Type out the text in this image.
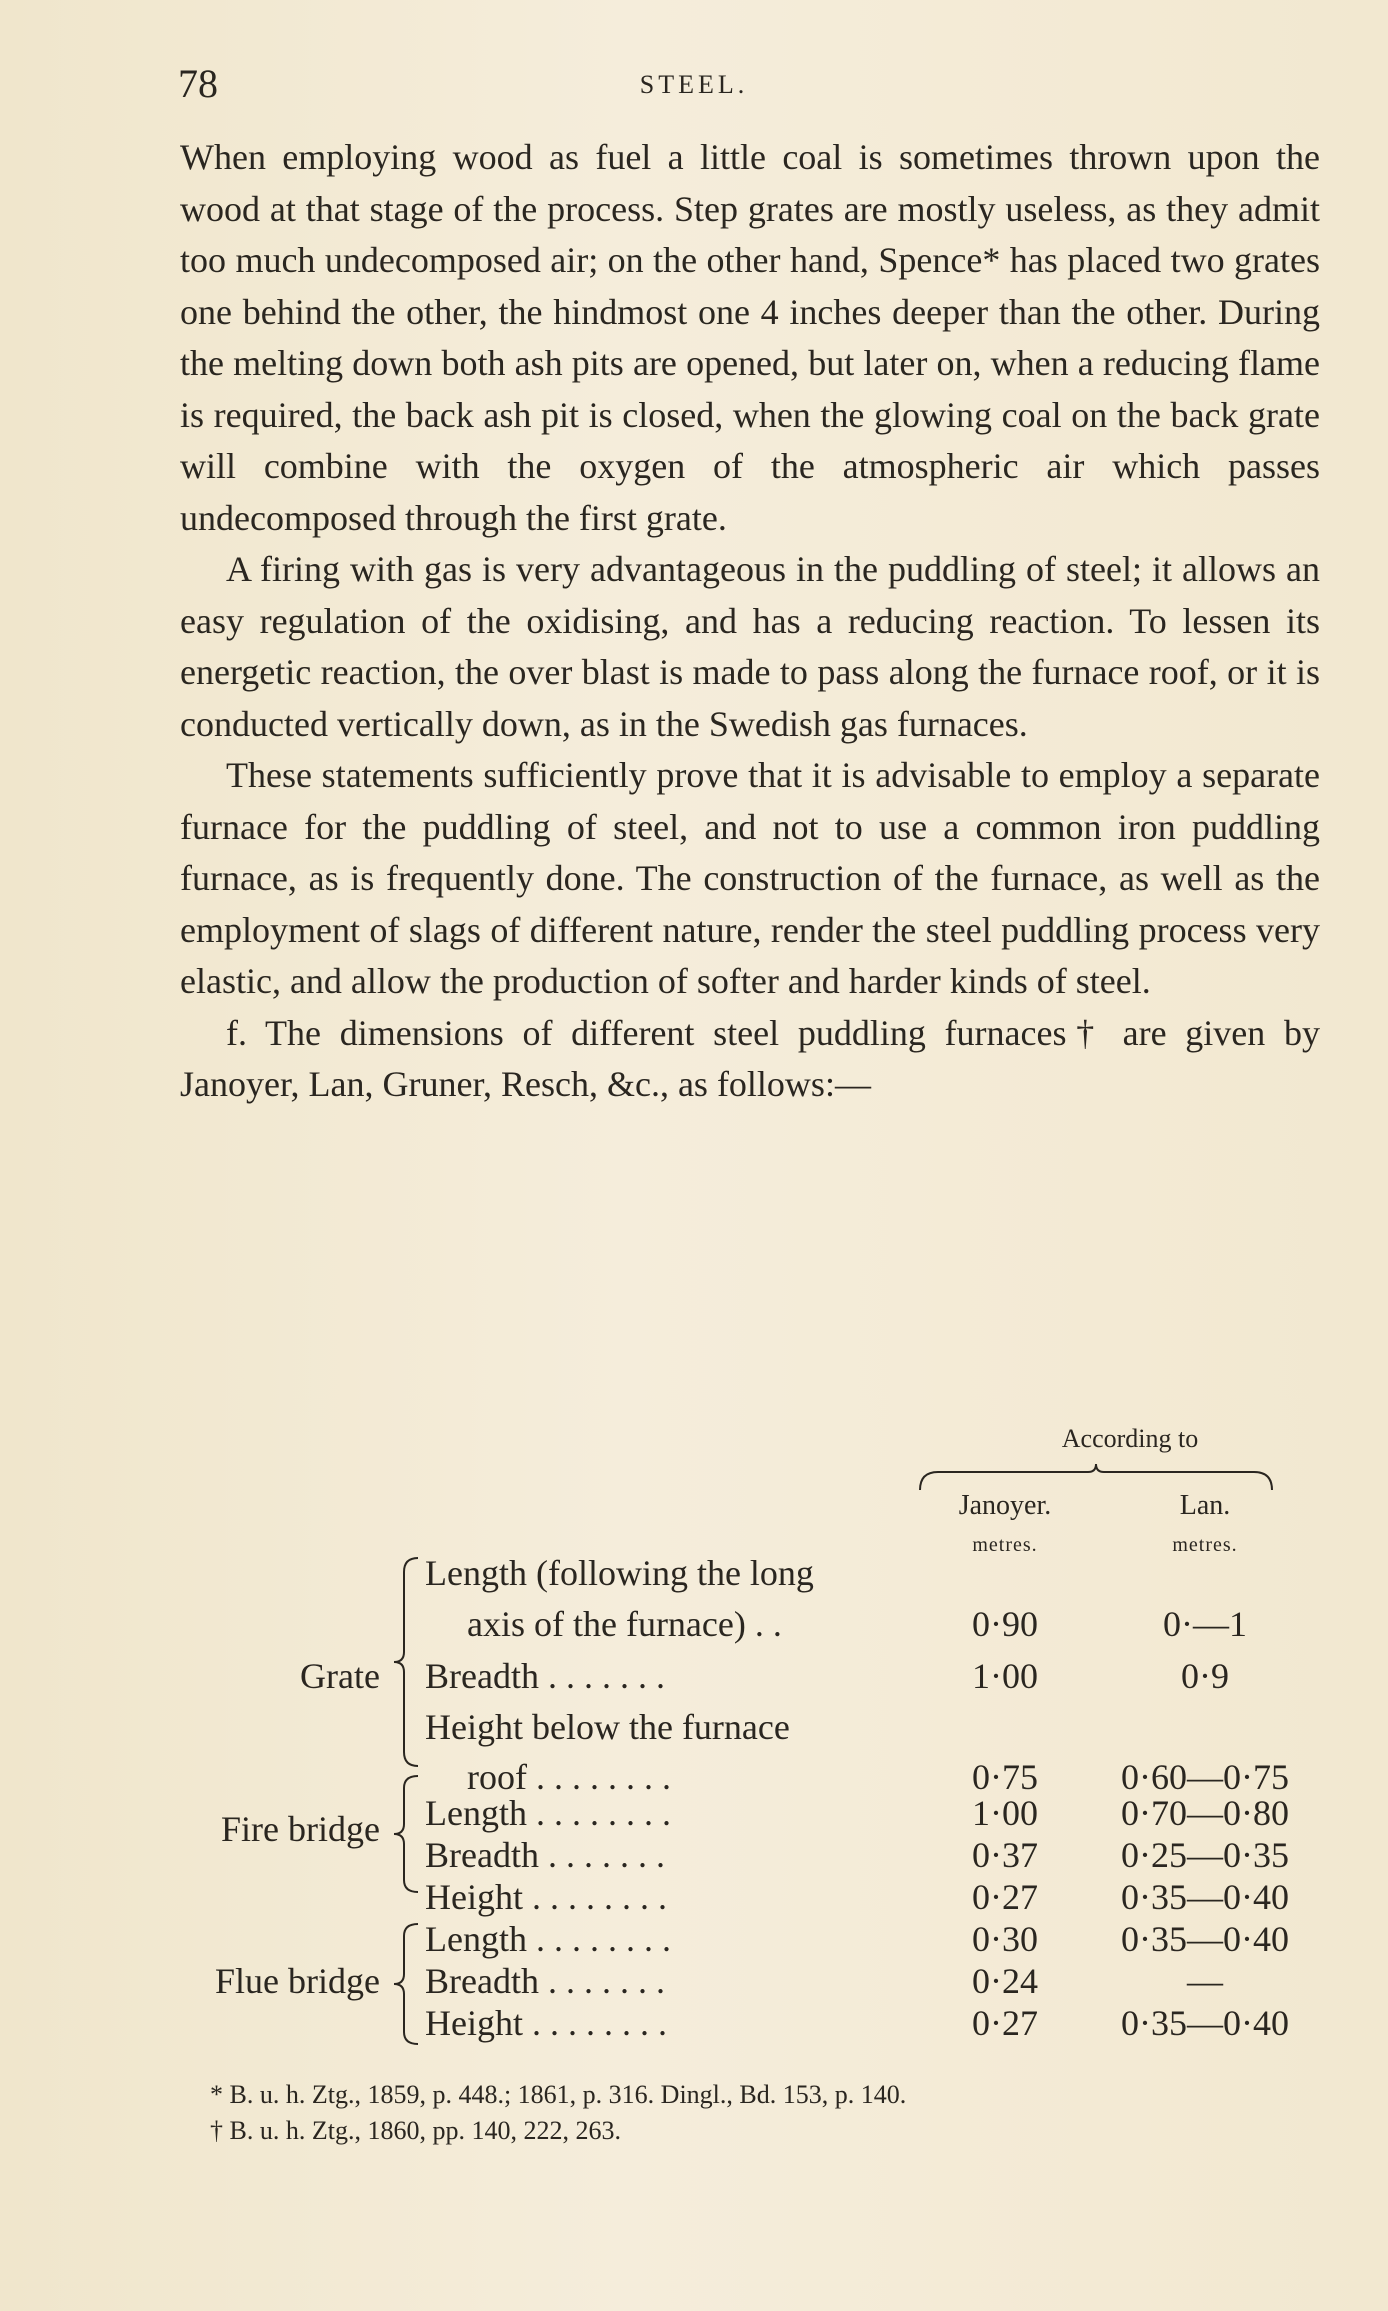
78	STEEL.

When employing wood as fuel a little coal is sometimes thrown upon the wood at that stage of the process. Step grates are mostly useless, as they admit too much undecomposed air; on the other hand, Spence* has placed two grates one behind the other, the hindmost one 4 inches deeper than the other. During the melting down both ash pits are opened, but later on, when a reducing flame is required, the back ash pit is closed, when the glowing coal on the back grate will combine with the oxygen of the atmospheric air which passes undecomposed through the first grate.

A firing with gas is very advantageous in the puddling of steel; it allows an easy regulation of the oxidising, and has a reducing reaction. To lessen its energetic reaction, the over blast is made to pass along the furnace roof, or it is conducted vertically down, as in the Swedish gas furnaces.

These statements sufficiently prove that it is advisable to employ a separate furnace for the puddling of steel, and not to use a common iron puddling furnace, as is frequently done. The construction of the furnace, as well as the employment of slags of different nature, render the steel puddling process very elastic, and allow the production of softer and harder kinds of steel.

f. The dimensions of different steel puddling furnaces† are given by Janoyer, Lan, Gruner, Resch, &c., as follows:—

According to
Janoyer.	Lan.
metres.	metres.
Grate
Length (following the long
axis of the furnace) . .	0·90	0·—1
Breadth . . . . . . .	1·00	0·9
Height below the furnace
roof . . . . . . . .	0·75	0·60—0·75
Fire bridge Length . . . . . . . .	1·00	0·70—0·80
Breadth . . . . . . .	0·37	0·25—0·35
Height . . . . . . . .	0·27	0·35—0·40
Flue bridge
Length . . . . . . . .	0·30	0·35—0·40
Breadth . . . . . . .	0·24	—
Height . . . . . . . .	0·27	0·35—0·40
* B. u. h. Ztg., 1859, p. 448.; 1861, p. 316. Dingl., Bd. 153, p. 140.
† B. u. h. Ztg., 1860, pp. 140, 222, 263.
